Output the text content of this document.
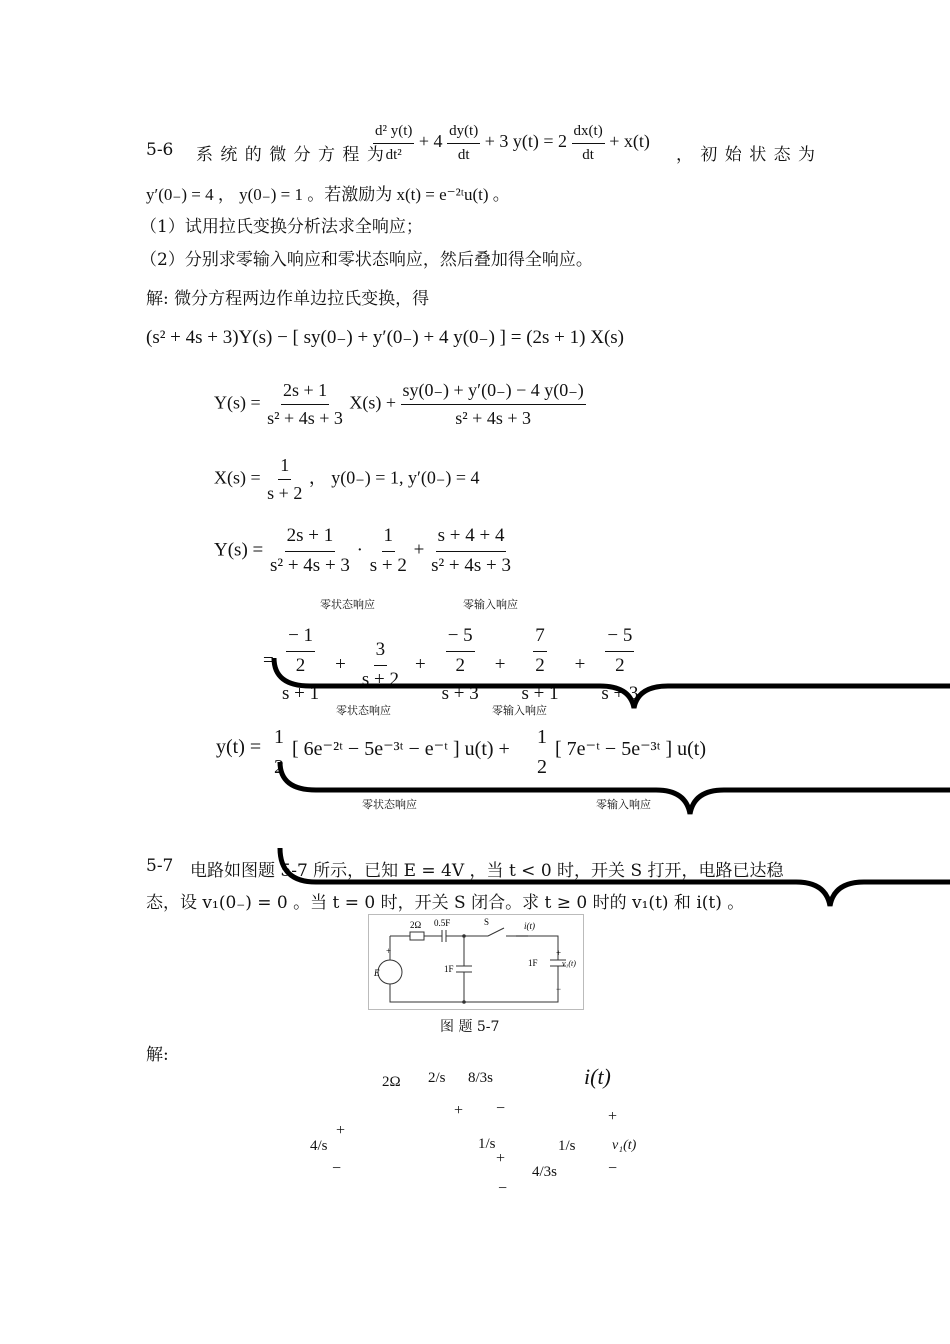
5-6 系 统 的 微 分 方 程 为
$\frac{\text{d² y(t)}}{\text{dt²}} + 4 \frac{dy(t)}{dt} + 3$ $y(t) = 2 \frac{dx(t)}{dt} + x(t)$
， 初 始 状 态 为
y′(0₋) = 4 ， y(0₋) = 1 。若激励为 x(t) = e⁻²ᵗu(t) 。
（1）试用拉氏变换分析法求全响应；
（2）分别求零输入响应和零状态响应，然后叠加得全响应。
解: 微分方程两边作单边拉氏变换，得
(s² + 4s + 3)Y(s) − [ sy(0₋) + y′(0₋) + 4 y(0₋) ] = (2s + 1) X(s)
$Y(s) = \frac{2s + 1}{\text{s² + 4s + 3}} X(s) + \frac{sy(0_-) + y'(0_-) - 4 y(0_-)}{\text{s² + 4s + 3}}$
$X(s) = \frac{1}{s + 2}$ ， y(0₋) = 1, y′(0₋) = 4
$Y(s) = \frac{2s + 1}{\text{s² + 4s + 3}} \cdot \frac{1}{s + 2} + \frac{s + 4 + 4}{\text{s² + 4s + 3}}$
零状态响应	零输入响应
=
− 1
2
s + 1
+ $\frac{3}{s + 2}$ +
− 5
2
s + 3
+
7
2
s + 1
+
− 5
2
s + 3
零状态响应	零输入响应
y(t) = 1
2
[ 6e⁻²ᵗ − 5e⁻³ᵗ − e⁻ᵗ ] u(t) +
1
2
[ 7e⁻ᵗ − 5e⁻³ᵗ ] u(t)
零状态响应	零输入响应
5-7 电路如图题 5-7 所示，已知 E = 4V ，当 t < 0 时，开关 S 打开，电路已达稳
态，设 v₁(0₋) = 0 。当 t = 0 时，开关 S 闭合。求 t ≥ 0 时的 v₁(t) 和 i(t) 。
2Ω 0.5F	S	i(t)
E
+
1F
1F	v₁(t)
+
−
图 题 5-7
解:
2Ω 2/s 8/3s	i(t)
+ −	+
+
4/s
−
1/s
+
1/s	v₁(t)
4/3s	−
−
